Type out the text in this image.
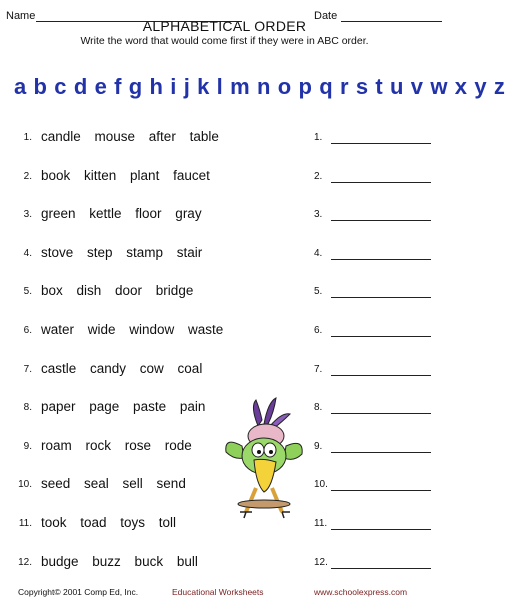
Name	Date
ALPHABETICAL ORDER
Write the word that would come first if they were in ABC order.
a b c d e f g h i j k l m n o p q r s t u v w x y z
1. candle mouse after table	1.
2. book kitten plant faucet	2.
3. green kettle floor gray	3.
4. stove step stamp stair	4.
5. box dish door bridge	5.
6. water wide window waste	6.
7. castle candy cow coal	7.
8. paper page paste pain	8.
9. roam rock rose rode	9.
10. seed seal sell send	10.
11. took toad toys toll	11.
12. budge buzz buck bull	12.
Copyright© 2001 Comp Ed, Inc.	Educational Worksheets	www.schoolexpress.com
